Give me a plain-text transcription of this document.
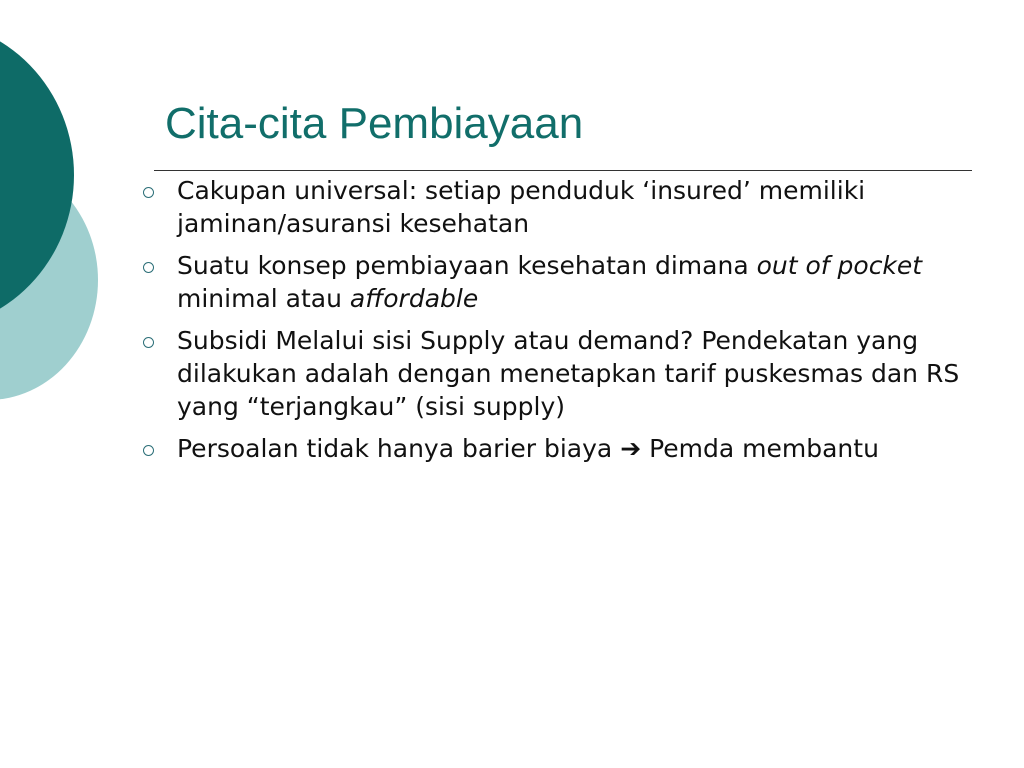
Cita-cita Pembiayaan
Cakupan universal: setiap penduduk ‘insured’ memiliki jaminan/asuransi kesehatan
Suatu konsep pembiayaan kesehatan dimana out of pocket minimal atau affordable
Subsidi Melalui sisi Supply atau demand? Pendekatan yang dilakukan adalah dengan menetapkan tarif puskesmas dan RS yang “terjangkau” (sisi supply)
Persoalan tidak hanya barier biaya ➔ Pemda membantu
